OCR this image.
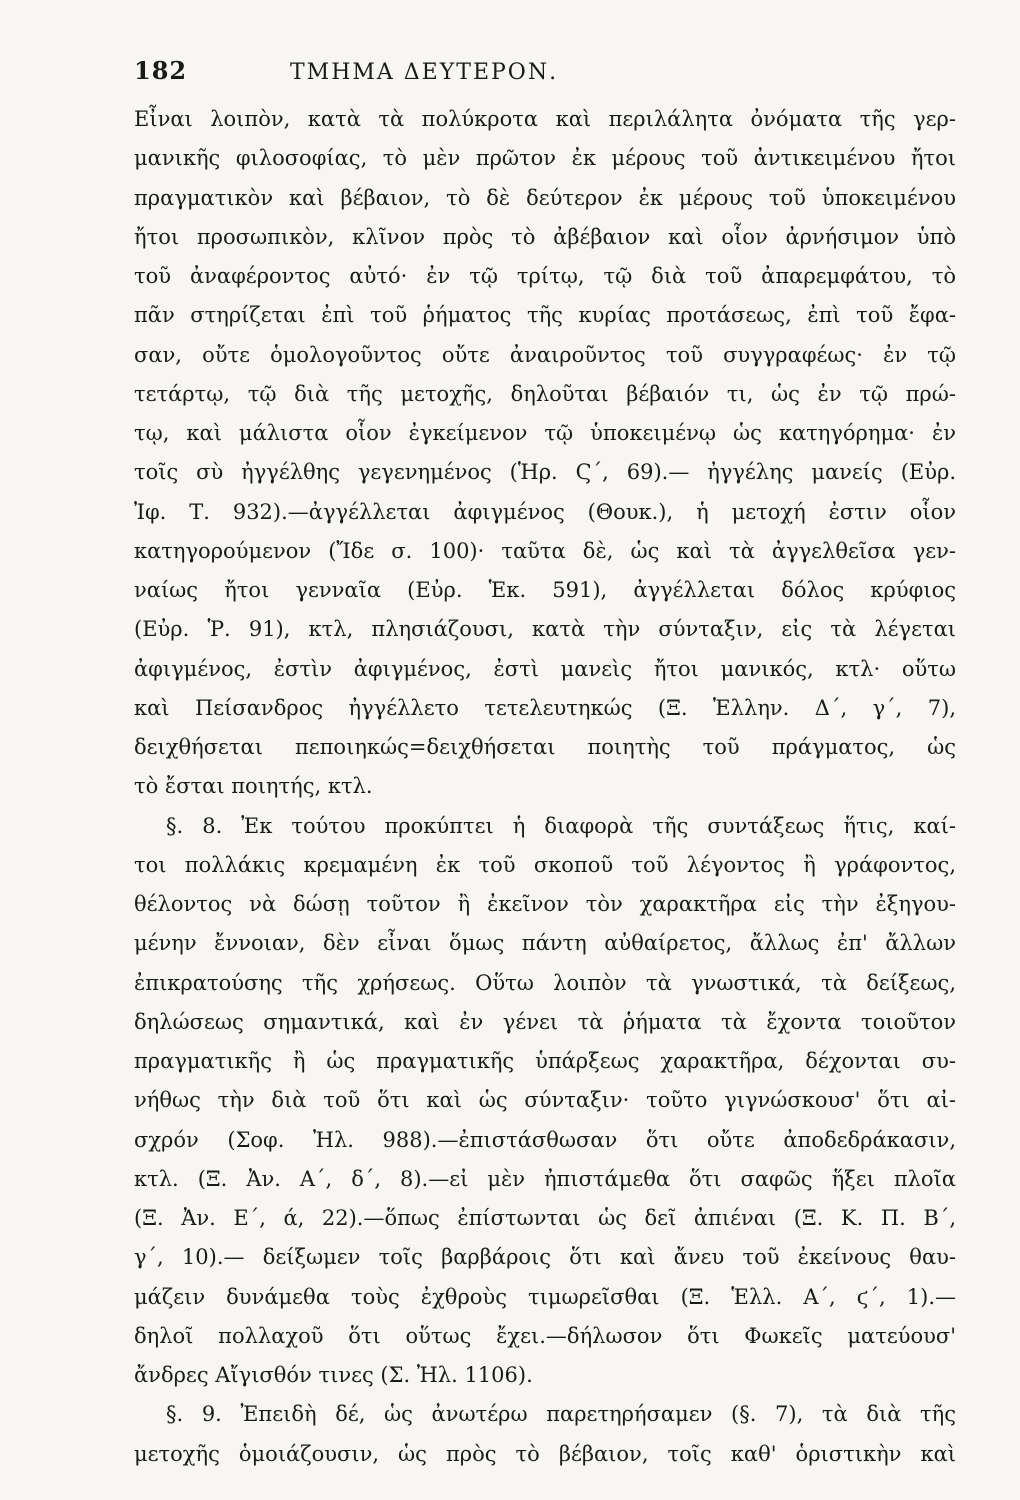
182	ΤΜΗΜΑ ΔΕΥΤΕΡΟΝ.
Εἶναι λοιπὸν, κατὰ τὰ πολύκροτα καὶ περιλάλητα ὀνόματα τῆς γερ-
μανικῆς φιλοσοφίας, τὸ μὲν πρῶτον ἐκ μέρους τοῦ ἀντικειμένου ἤτοι
πραγματικὸν καὶ βέβαιον, τὸ δὲ δεύτερον ἐκ μέρους τοῦ ὑποκειμένου
ἤτοι προσωπικὸν, κλῖνον πρὸς τὸ ἀβέβαιον καὶ οἷον ἀρνήσιμον ὑπὸ
τοῦ ἀναφέροντος αὐτό· ἐν τῷ τρίτῳ, τῷ διὰ τοῦ ἀπαρεμφάτου, τὸ
πᾶν στηρίζεται ἐπὶ τοῦ ῥήματος τῆς κυρίας προτάσεως, ἐπὶ τοῦ ἔφα-
σαν, οὔτε ὁμολογοῦντος οὔτε ἀναιροῦντος τοῦ συγγραφέως· ἐν τῷ
τετάρτῳ, τῷ διὰ τῆς μετοχῆς, δηλοῦται βέβαιόν τι, ὡς ἐν τῷ πρώ-
τῳ, καὶ μάλιστα οἷον ἐγκείμενον τῷ ὑποκειμένῳ ὡς κατηγόρημα· ἐν
τοῖς σὺ ἠγγέλθης γεγενημένος (Ἡρ. Ϛ΄, 69).— ἠγγέλης μανείς (Εὐρ.
Ἰφ. Τ. 932).—ἀγγέλλεται ἀφιγμένος (Θουκ.), ἡ μετοχή ἐστιν οἷον
κατηγορούμενον (Ἴδε σ. 100)· ταῦτα δὲ, ὡς καὶ τὰ ἀγγελθεῖσα γεν-
ναίως ἤτοι γενναῖα (Εὐρ. Ἑκ. 591), ἀγγέλλεται δόλος κρύφιος
(Εὐρ. Ῥ. 91), κτλ, πλησιάζουσι, κατὰ τὴν σύνταξιν, εἰς τὰ λέγεται
ἀφιγμένος, ἐστὶν ἀφιγμένος, ἐστὶ μανεὶς ἤτοι μανικός, κτλ· οὕτω
καὶ Πείσανδρος ἠγγέλλετο τετελευτηκώς (Ξ. Ἑλλην. Δ΄, γ΄, 7),
δειχθήσεται πεποιηκώς=δειχθήσεται ποιητὴς τοῦ πράγματος, ὡς
τὸ ἔσται ποιητής, κτλ.
§. 8. Ἐκ τούτου προκύπτει ἡ διαφορὰ τῆς συντάξεως ἥτις, καί-
τοι πολλάκις κρεμαμένη ἐκ τοῦ σκοποῦ τοῦ λέγοντος ἢ γράφοντος,
θέλοντος νὰ δώσῃ τοῦτον ἢ ἐκεῖνον τὸν χαρακτῆρα εἰς τὴν ἐξηγου-
μένην ἔννοιαν, δὲν εἶναι ὅμως πάντη αὐθαίρετος, ἄλλως ἐπ' ἄλλων
ἐπικρατούσης τῆς χρήσεως. Οὕτω λοιπὸν τὰ γνωστικά, τὰ δείξεως,
δηλώσεως σημαντικά, καὶ ἐν γένει τὰ ῥήματα τὰ ἔχοντα τοιοῦτον
πραγματικῆς ἢ ὡς πραγματικῆς ὑπάρξεως χαρακτῆρα, δέχονται συ-
νήθως τὴν διὰ τοῦ ὅτι καὶ ὡς σύνταξιν· τοῦτο γιγνώσκουσ' ὅτι αἰ-
σχρόν (Σοφ. Ἠλ. 988).—ἐπιστάσθωσαν ὅτι οὔτε ἀποδεδράκασιν,
κτλ. (Ξ. Ἀν. Α΄, δ΄, 8).—εἰ μὲν ἠπιστάμεθα ὅτι σαφῶς ἥξει πλοῖα
(Ξ. Ἀν. Ε΄, ά, 22).—ὅπως ἐπίστωνται ὡς δεῖ ἀπιέναι (Ξ. Κ. Π. Β΄,
γ΄, 10).— δείξωμεν τοῖς βαρβάροις ὅτι καὶ ἄνευ τοῦ ἐκείνους θαυ-
μάζειν δυνάμεθα τοὺς ἐχθροὺς τιμωρεῖσθαι (Ξ. Ἑλλ. Α΄, ϛ΄, 1).—
δηλοῖ πολλαχοῦ ὅτι οὕτως ἔχει.—δήλωσον ὅτι Φωκεῖς ματεύουσ'
ἄνδρες Αἴγισθόν τινες (Σ. Ἠλ. 1106).
§. 9. Ἐπειδὴ δέ, ὡς ἀνωτέρω παρετηρήσαμεν (§. 7), τὰ διὰ τῆς
μετοχῆς ὁμοιάζουσιν, ὡς πρὸς τὸ βέβαιον, τοῖς καθ' ὁριστικὴν καὶ
